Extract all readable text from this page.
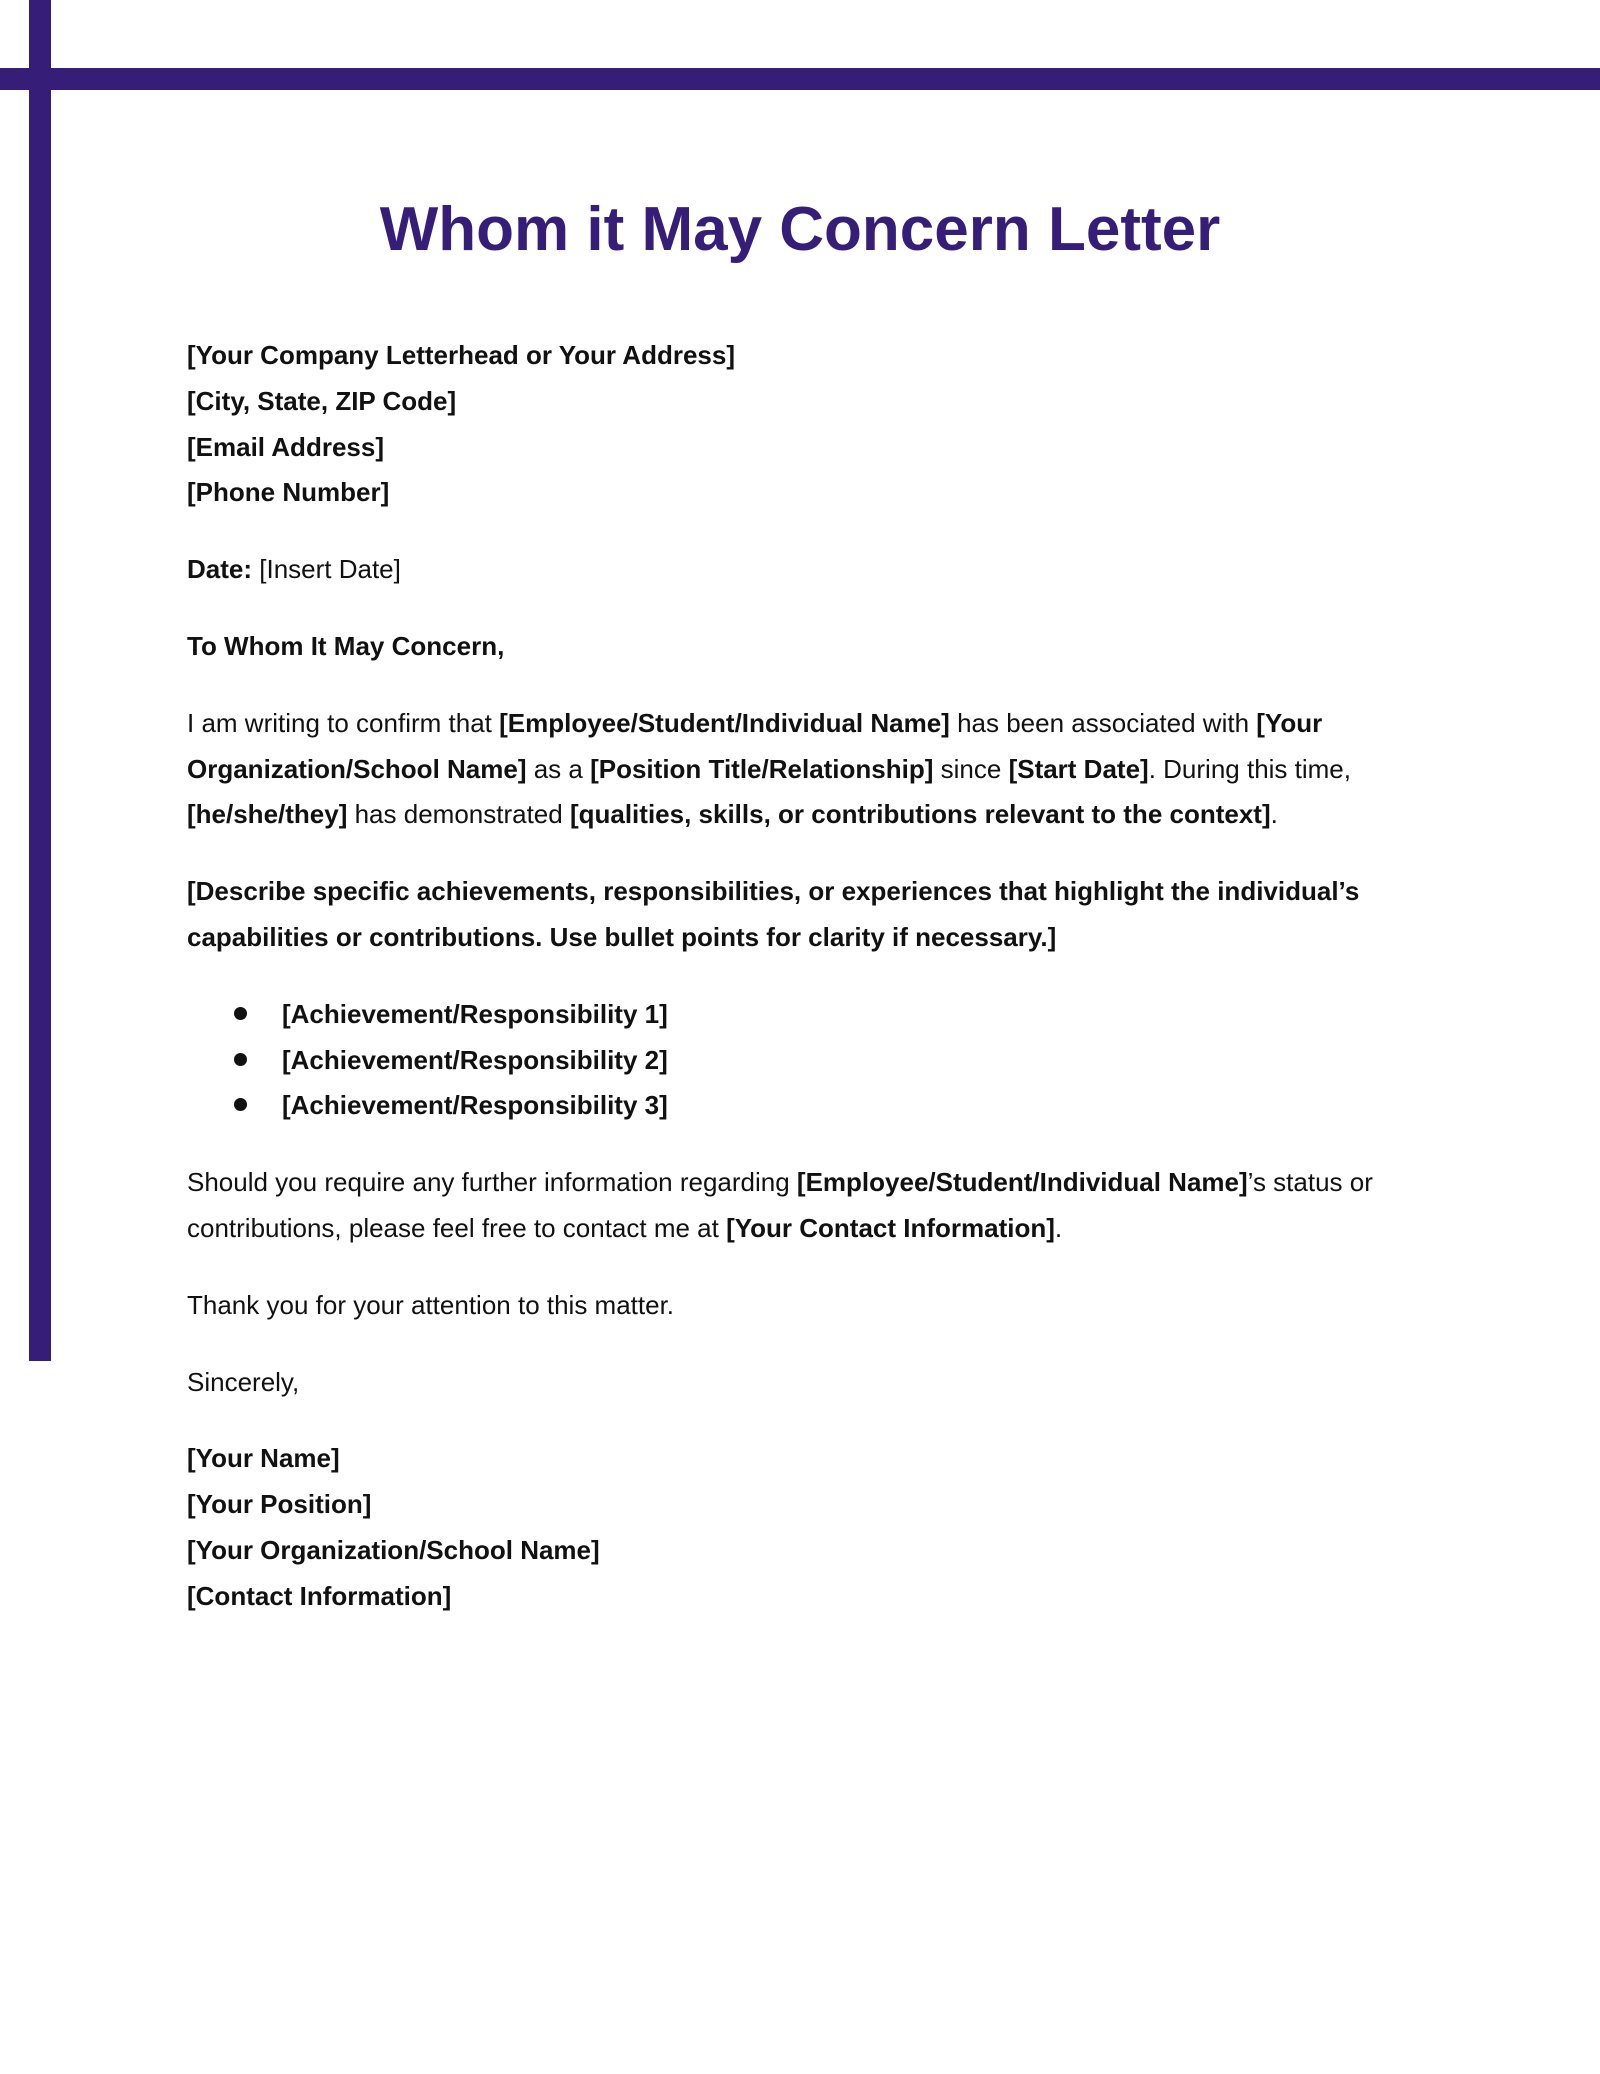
Whom it May Concern Letter
[Your Company Letterhead or Your Address]
[City, State, ZIP Code]
[Email Address]
[Phone Number]

Date: [Insert Date]

To Whom It May Concern,

I am writing to confirm that [Employee/Student/Individual Name] has been associated with [Your Organization/School Name] as a [Position Title/Relationship] since [Start Date]. During this time, [he/she/they] has demonstrated [qualities, skills, or contributions relevant to the context].

[Describe specific achievements, responsibilities, or experiences that highlight the individual’s capabilities or contributions. Use bullet points for clarity if necessary.]

[Achievement/Responsibility 1]
[Achievement/Responsibility 2]
[Achievement/Responsibility 3]

Should you require any further information regarding [Employee/Student/Individual Name]’s status or contributions, please feel free to contact me at [Your Contact Information].

Thank you for your attention to this matter.

Sincerely,

[Your Name]
[Your Position]
[Your Organization/School Name]
[Contact Information]
